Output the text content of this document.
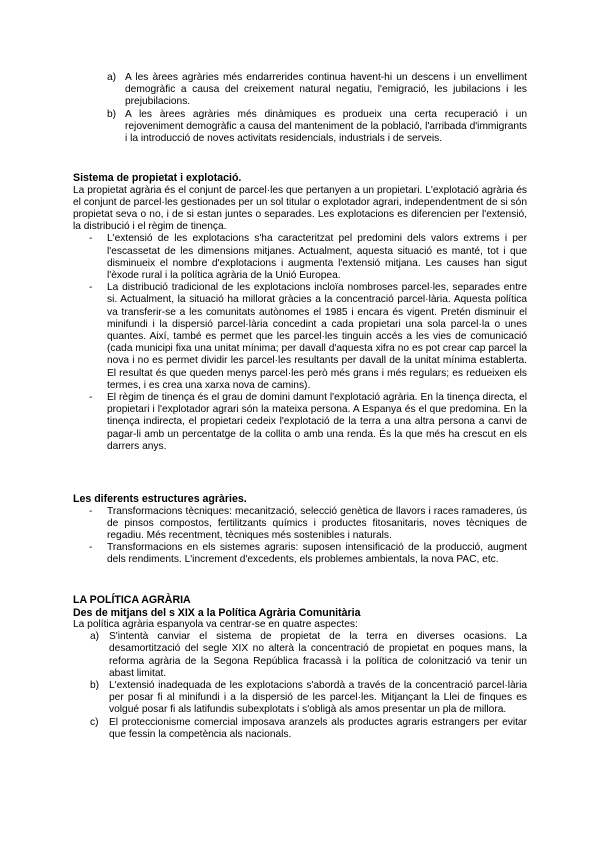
a) A les àrees agràries més endarrerides continua havent-hi un descens i un envelliment demogràfic a causa del creixement natural negatiu, l'emigració, les jubilacions i les prejubilacions.
b) A les àrees agràries més dinàmiques es produeix una certa recuperació i un rejoveniment demogràfic a causa del manteniment de la població, l'arribada d'immigrants i la introducció de noves activitats residencials, industrials i de serveis.
Sistema de propietat i explotació.

La propietat agrària és el conjunt de parcel·les que pertanyen a un propietari. L'explotació agrària és el conjunt de parcel·les gestionades per un sol titular o explotador agrari, independentment de si són propietat seva o no, i de si estan juntes o separades. Les explotacions es diferencien per l'extensió, la distribució i el règim de tinença.

- L'extensió de les explotacions s'ha caracteritzat pel predomini dels valors extrems i per l'escassetat de les dimensions mitjanes. Actualment, aquesta situació es manté, tot i que disminueix el nombre d'explotacions i augmenta l'extensió mitjana. Les causes han sigut l'èxode rural i la política agrària de la Unió Europea.
- La distribució tradicional de les explotacions incloïa nombroses parcel·les, separades entre si. Actualment, la situació ha millorat gràcies a la concentració parcel·lària. Aquesta política va transferir-se a les comunitats autònomes el 1985 i encara és vigent. Pretén disminuir el minifundi i la dispersió parcel·lària concedint a cada propietari una sola parcel·la o unes quantes. Així, també es permet que les parcel·les tinguin accés a les vies de comunicació (cada municipi fixa una unitat mínima; per davall d'aquesta xifra no es pot crear cap parcel la nova i no es permet dividir les parcel·les resultants per davall de la unitat mínima establerta. El resultat és que queden menys parcel·les però més grans i més regulars; es redueixen els termes, i es crea una xarxa nova de camins).
- El règim de tinença és el grau de domini damunt l'explotació agrària. En la tinença directa, el propietari i l'explotador agrari són la mateixa persona. A Espanya és el que predomina. En la tinença indirecta, el propietari cedeix l'explotació de la terra a una altra persona a canvi de pagar-li amb un percentatge de la collita o amb una renda. És la que més ha crescut en els darrers anys.
Les diferents estructures agràries.
- Transformacions tècniques: mecanització, selecció genètica de llavors i races ramaderes, ús de pinsos compostos, fertilitzants químics i productes fitosanitaris, noves tècniques de regadiu. Més recentment, tècniques més sostenibles i naturals.
- Transformacions en els sistemes agraris: suposen intensificació de la producció, augment dels rendiments. L'increment d'excedents, els problemes ambientals, la nova PAC, etc.
LA POLÍTICA AGRÀRIA
Des de mitjans del s XIX a la Política Agrària Comunitària

La política agrària espanyola va centrar-se en quatre aspectes:

a) S'intentà canviar el sistema de propietat de la terra en diverses ocasions. La desamortització del segle XIX no alterà la concentració de propietat en poques mans, la reforma agrària de la Segona República fracassà i la política de colonització va tenir un abast limitat.
b) L'extensió inadequada de les explotacions s'abordà a través de la concentració parcel·lària per posar fi al minifundi i a la dispersió de les parcel·les. Mitjançant la Llei de finques es volgué posar fi als latifundis subexplotats i s'obligà als amos presentar un pla de millora.
c) El proteccionisme comercial imposava aranzels als productes agraris estrangers per evitar que fessin la competència als nacionals.
